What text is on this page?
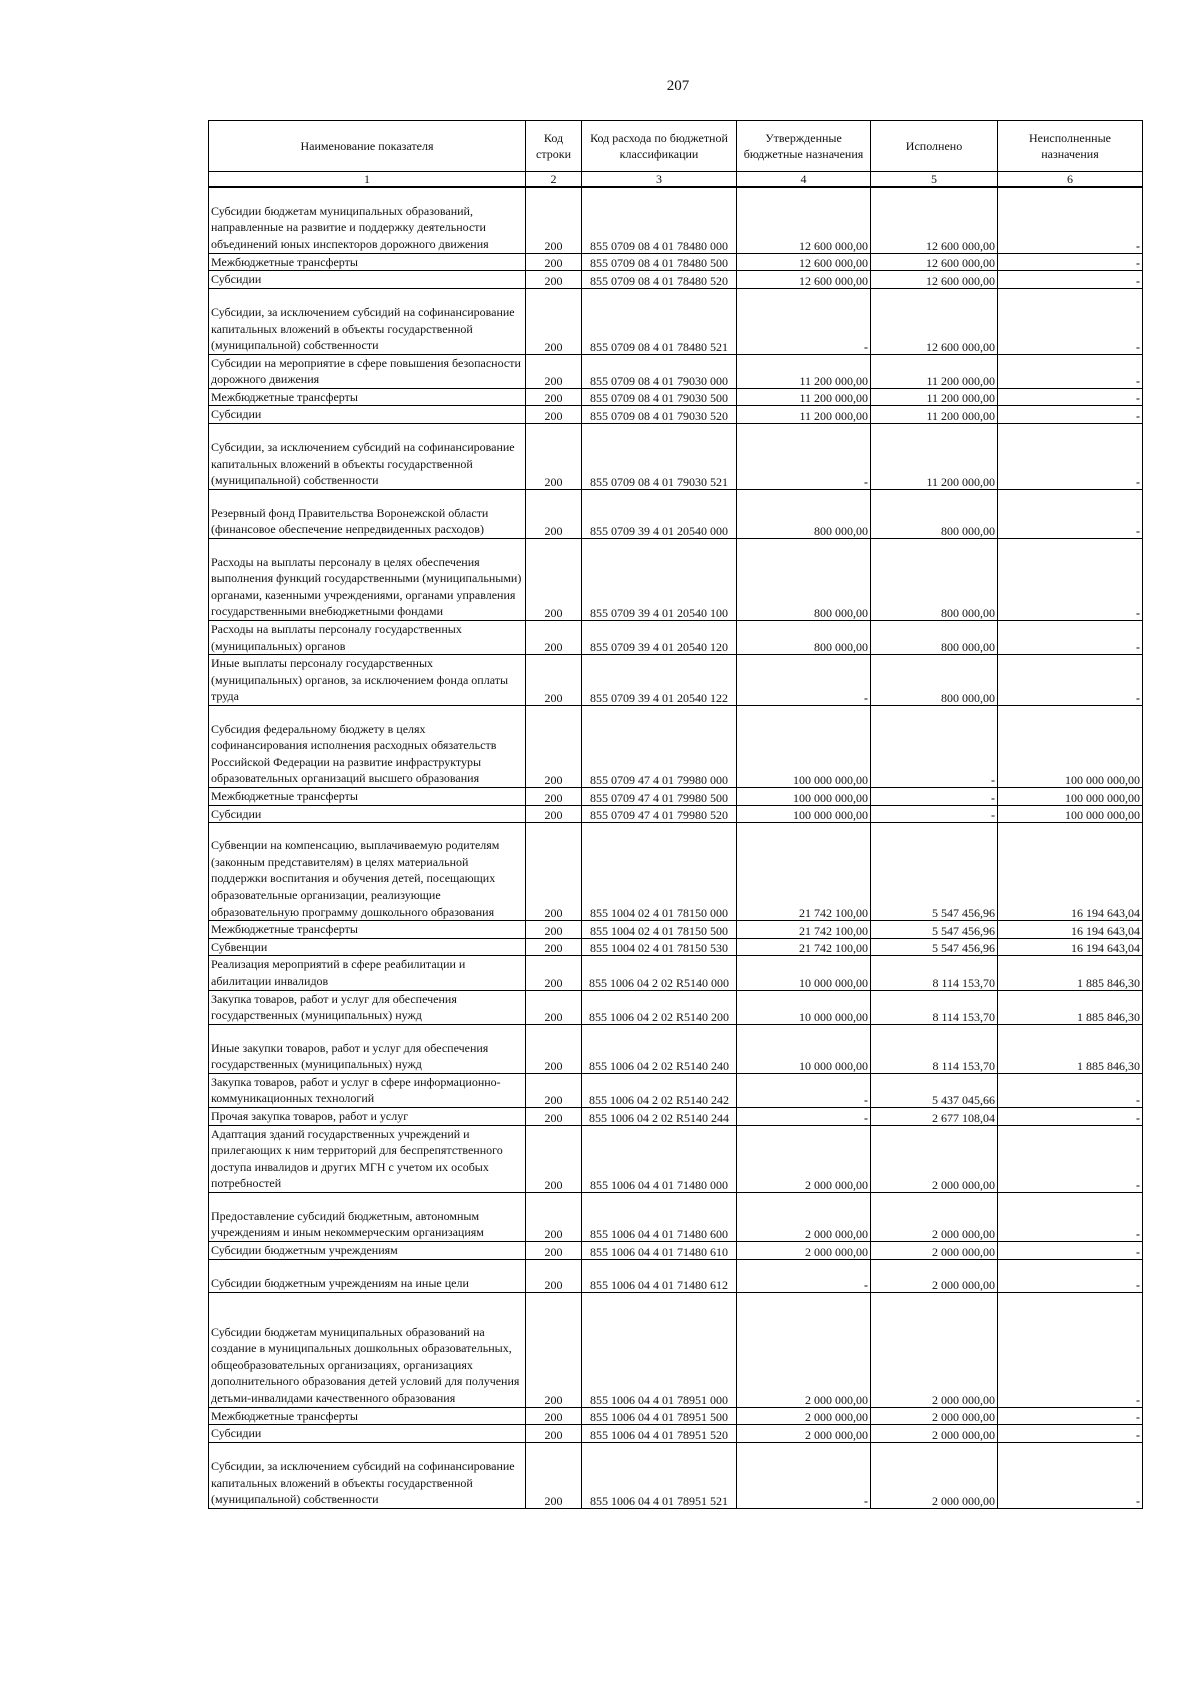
207
Наименование показателя	Код строки	Код расхода по бюджетной классификации	Утвержденные бюджетные назначения	Исполнено	Неисполненные назначения
1	2	3	4	5	6
Субсидии бюджетам муниципальных образований, направленные на развитие и поддержку деятельности объединений юных инспекторов дорожного движения	200	855 0709 08 4 01 78480 000	12 600 000,00	12 600 000,00	-
Межбюджетные трансферты	200	855 0709 08 4 01 78480 500	12 600 000,00	12 600 000,00	-
Субсидии	200	855 0709 08 4 01 78480 520	12 600 000,00	12 600 000,00	-
Субсидии, за исключением субсидий на софинансирование капитальных вложений в объекты государственной (муниципальной) собственности	200	855 0709 08 4 01 78480 521	-	12 600 000,00	-
Субсидии на мероприятие в сфере повышения безопасности дорожного движения	200	855 0709 08 4 01 79030 000	11 200 000,00	11 200 000,00	-
Межбюджетные трансферты	200	855 0709 08 4 01 79030 500	11 200 000,00	11 200 000,00	-
Субсидии	200	855 0709 08 4 01 79030 520	11 200 000,00	11 200 000,00	-
Субсидии, за исключением субсидий на софинансирование капитальных вложений в объекты государственной (муниципальной) собственности	200	855 0709 08 4 01 79030 521	-	11 200 000,00	-
Резервный фонд Правительства Воронежской области (финансовое обеспечение непредвиденных расходов)	200	855 0709 39 4 01 20540 000	800 000,00	800 000,00	-
Расходы на выплаты персоналу в целях обеспечения выполнения функций государственными (муниципальными) органами, казенными учреждениями, органами управления государственными внебюджетными фондами	200	855 0709 39 4 01 20540 100	800 000,00	800 000,00	-
Расходы на выплаты персоналу государственных (муниципальных) органов	200	855 0709 39 4 01 20540 120	800 000,00	800 000,00	-
Иные выплаты персоналу государственных (муниципальных) органов, за исключением фонда оплаты труда	200	855 0709 39 4 01 20540 122	-	800 000,00	-
Субсидия федеральному бюджету в целях софинансирования исполнения расходных обязательств Российской Федерации на развитие инфраструктуры образовательных организаций высшего образования	200	855 0709 47 4 01 79980 000	100 000 000,00	-	100 000 000,00
Межбюджетные трансферты	200	855 0709 47 4 01 79980 500	100 000 000,00	-	100 000 000,00
Субсидии	200	855 0709 47 4 01 79980 520	100 000 000,00	-	100 000 000,00
Субвенции на компенсацию, выплачиваемую родителям (законным представителям) в целях материальной поддержки воспитания и обучения детей, посещающих образовательные организации, реализующие образовательную программу дошкольного образования	200	855 1004 02 4 01 78150 000	21 742 100,00	5 547 456,96	16 194 643,04
Межбюджетные трансферты	200	855 1004 02 4 01 78150 500	21 742 100,00	5 547 456,96	16 194 643,04
Субвенции	200	855 1004 02 4 01 78150 530	21 742 100,00	5 547 456,96	16 194 643,04
Реализация мероприятий в сфере реабилитации и абилитации инвалидов	200	855 1006 04 2 02 R5140 000	10 000 000,00	8 114 153,70	1 885 846,30
Закупка товаров, работ и услуг для обеспечения государственных (муниципальных) нужд	200	855 1006 04 2 02 R5140 200	10 000 000,00	8 114 153,70	1 885 846,30
Иные закупки товаров, работ и услуг для обеспечения государственных (муниципальных) нужд	200	855 1006 04 2 02 R5140 240	10 000 000,00	8 114 153,70	1 885 846,30
Закупка товаров, работ и услуг в сфере информационно-коммуникационных технологий	200	855 1006 04 2 02 R5140 242	-	5 437 045,66	-
Прочая закупка товаров, работ и услуг	200	855 1006 04 2 02 R5140 244	-	2 677 108,04	-
Адаптация зданий государственных учреждений и прилегающих к ним территорий для беспрепятственного доступа инвалидов и других МГН с учетом их особых потребностей	200	855 1006 04 4 01 71480 000	2 000 000,00	2 000 000,00	-
Предоставление субсидий бюджетным, автономным учреждениям и иным некоммерческим организациям	200	855 1006 04 4 01 71480 600	2 000 000,00	2 000 000,00	-
Субсидии бюджетным учреждениям	200	855 1006 04 4 01 71480 610	2 000 000,00	2 000 000,00	-
Субсидии бюджетным учреждениям на иные цели	200	855 1006 04 4 01 71480 612	-	2 000 000,00	-
Субсидии бюджетам муниципальных образований на создание в муниципальных дошкольных образовательных, общеобразовательных организациях, организациях дополнительного образования детей условий для получения детьми-инвалидами качественного образования	200	855 1006 04 4 01 78951 000	2 000 000,00	2 000 000,00	-
Межбюджетные трансферты	200	855 1006 04 4 01 78951 500	2 000 000,00	2 000 000,00	-
Субсидии	200	855 1006 04 4 01 78951 520	2 000 000,00	2 000 000,00	-
Субсидии, за исключением субсидий на софинансирование капитальных вложений в объекты государственной (муниципальной) собственности	200	855 1006 04 4 01 78951 521	-	2 000 000,00	-
